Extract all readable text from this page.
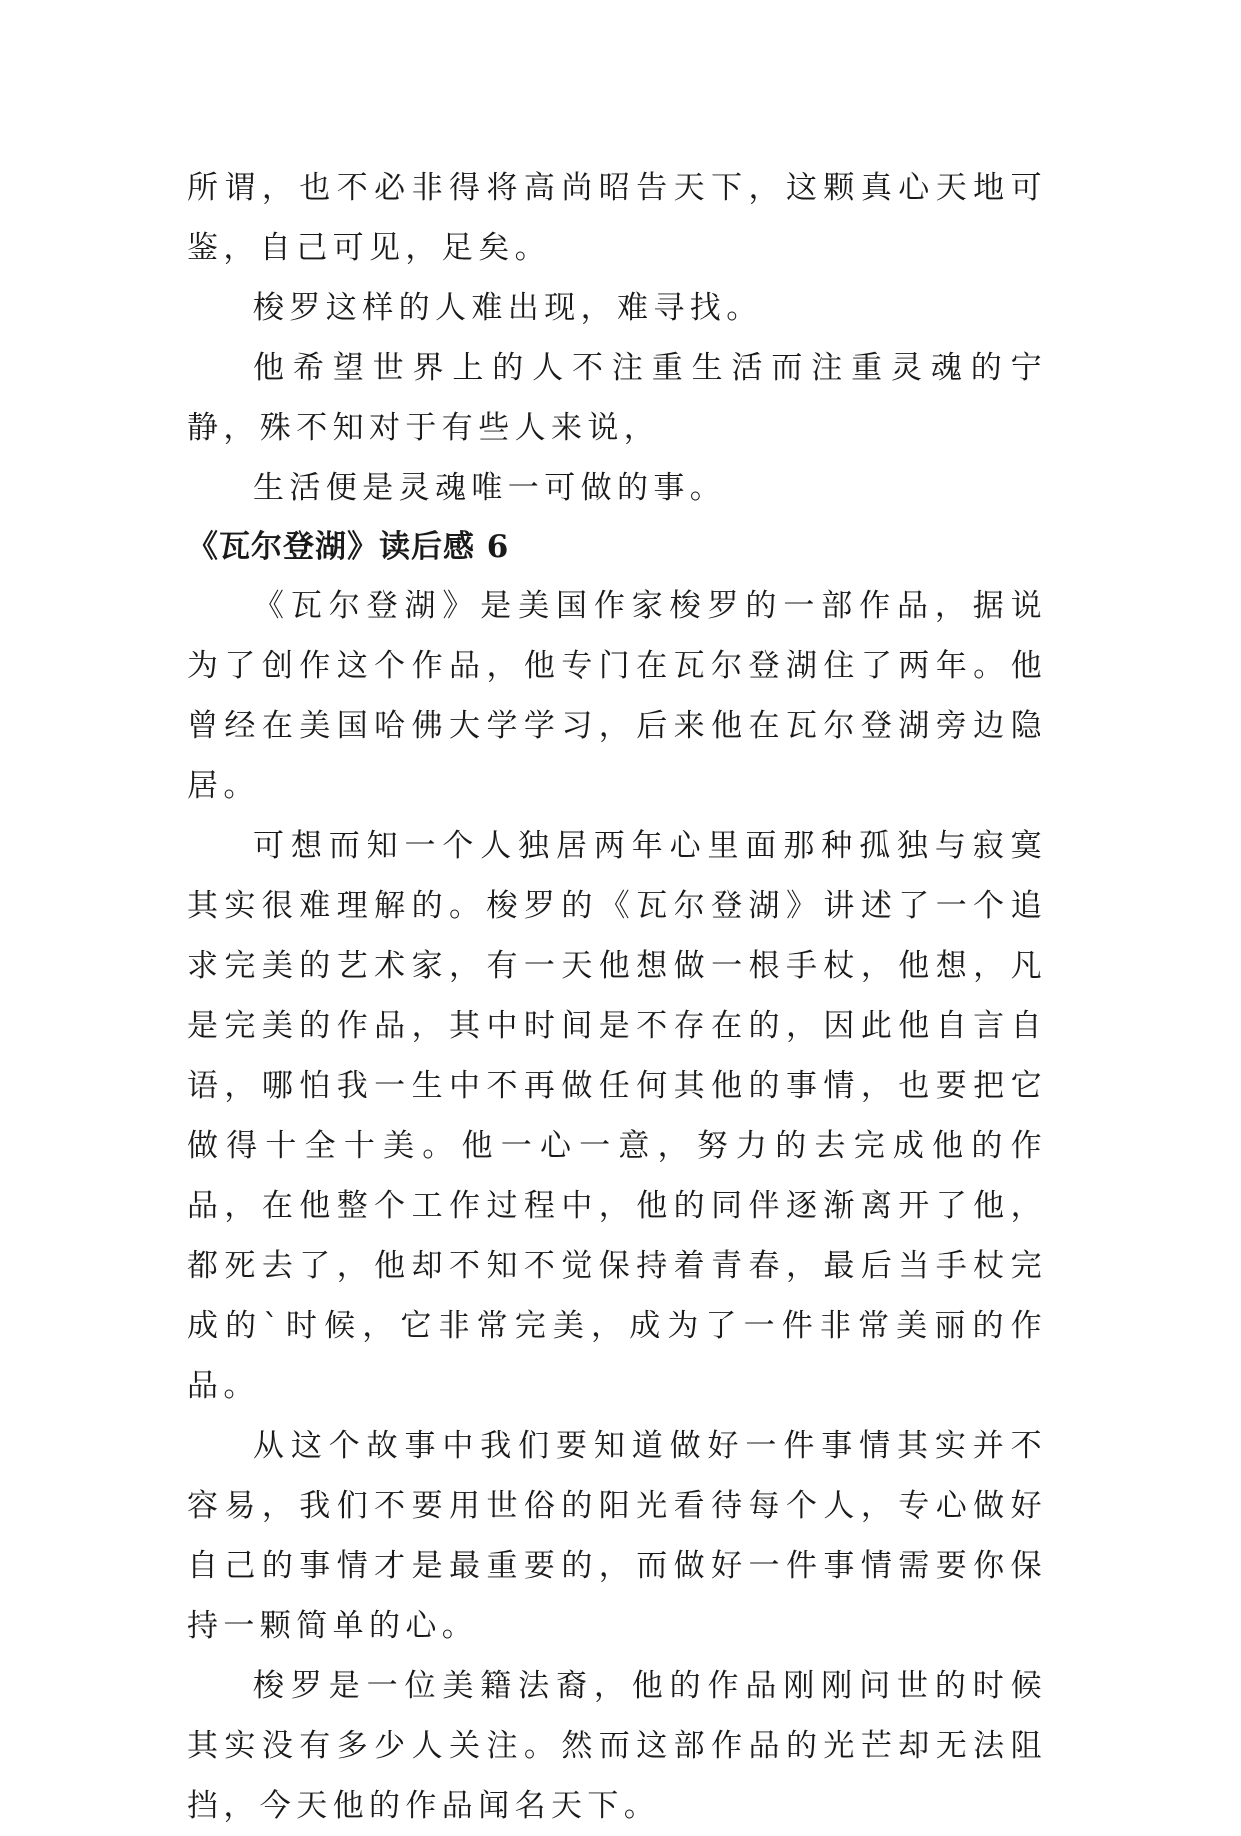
所谓，也不必非得将高尚昭告天下，这颗真心天地可鉴，自己可见，足矣。

梭罗这样的人难出现，难寻找。

他希望世界上的人不注重生活而注重灵魂的宁静，殊不知对于有些人来说，

生活便是灵魂唯一可做的事。

《瓦尔登湖》读后感 6

《瓦尔登湖》是美国作家梭罗的一部作品，据说为了创作这个作品，他专门在瓦尔登湖住了两年。他曾经在美国哈佛大学学习，后来他在瓦尔登湖旁边隐居。

可想而知一个人独居两年心里面那种孤独与寂寞其实很难理解的。梭罗的《瓦尔登湖》讲述了一个追求完美的艺术家，有一天他想做一根手杖，他想，凡是完美的作品，其中时间是不存在的，因此他自言自语，哪怕我一生中不再做任何其他的事情，也要把它做得十全十美。他一心一意，努力的去完成他的作品，在他整个工作过程中，他的同伴逐渐离开了他，都死去了，他却不知不觉保持着青春，最后当手杖完成的`时候，它非常完美，成为了一件非常美丽的作品。

从这个故事中我们要知道做好一件事情其实并不容易，我们不要用世俗的阳光看待每个人，专心做好自己的事情才是最重要的，而做好一件事情需要你保持一颗简单的心。

梭罗是一位美籍法裔，他的作品刚刚问世的时候其实没有多少人关注。然而这部作品的光芒却无法阻挡，今天他的作品闻名天下。
